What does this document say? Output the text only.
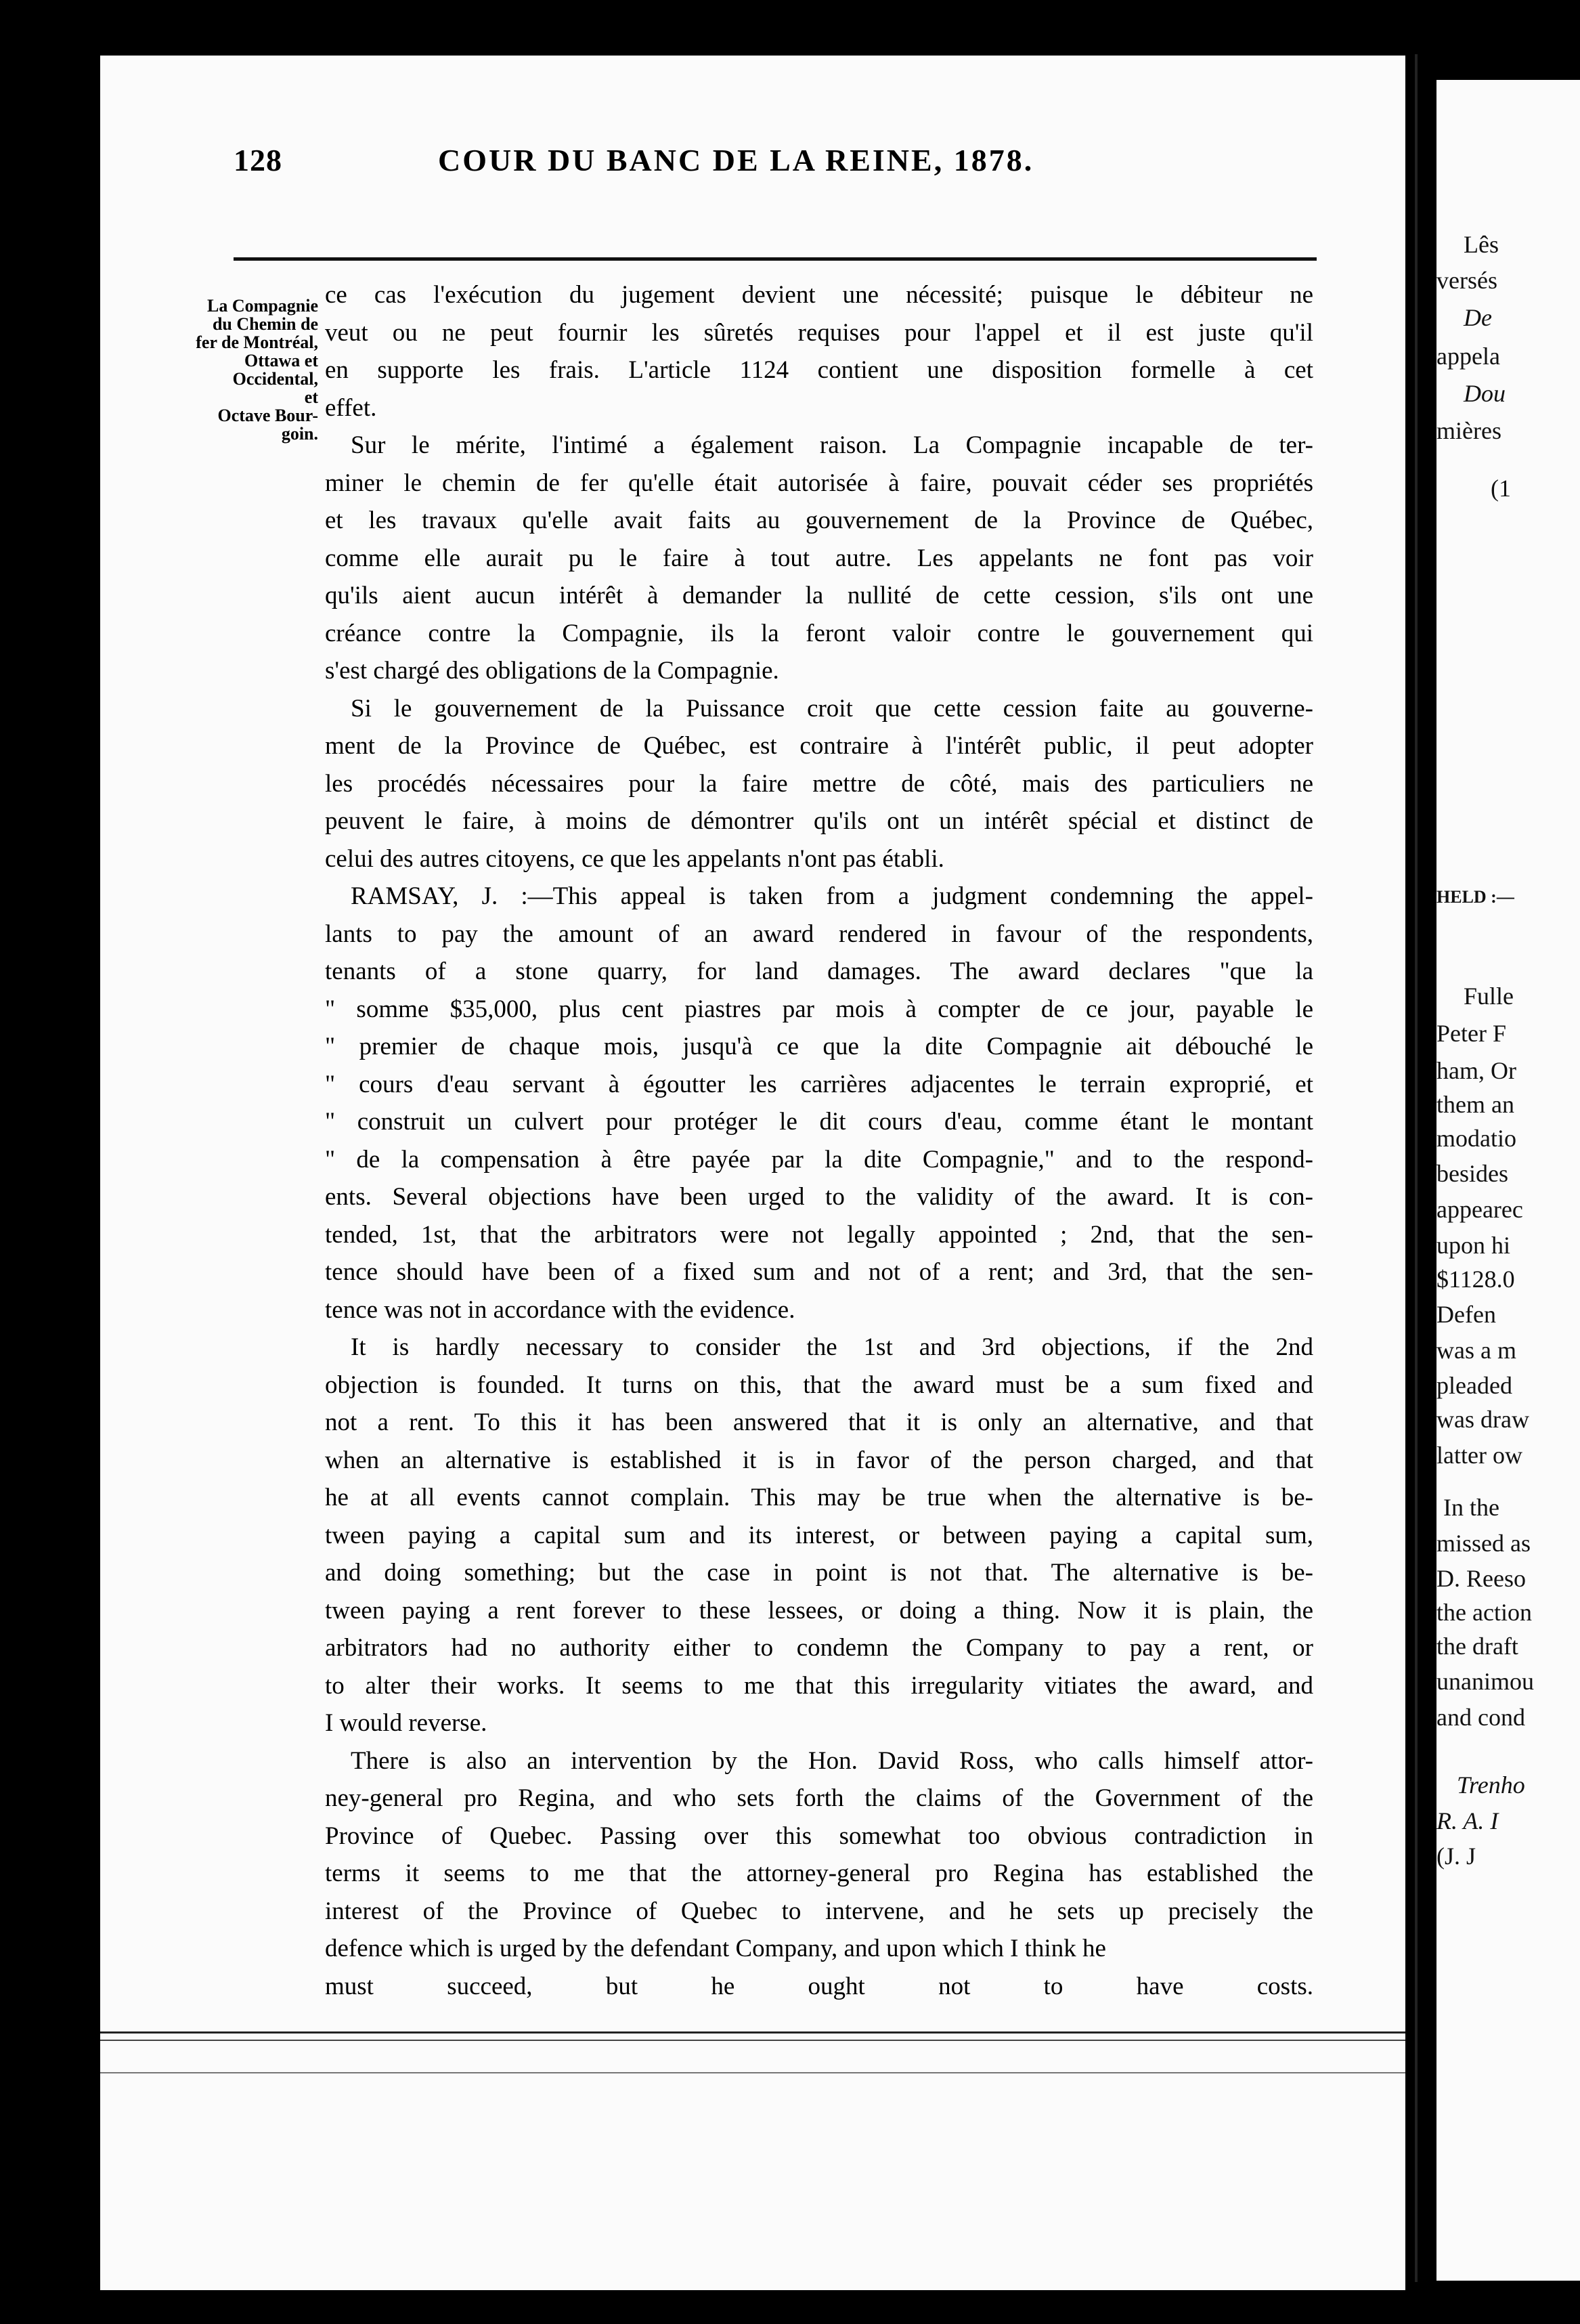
128	COUR DU BANC DE LA REINE, 1878.
La Compagnie
du Chemin de
fer de Montréal,
Ottawa et
Occidental,
et
Octave Bour-
goin.
ce cas l'exécution du jugement devient une nécessité; puisque le débiteur ne
veut ou ne peut fournir les sûretés requises pour l'appel et il est juste qu'il
en supporte les frais. L'article 1124 contient une disposition formelle à cet
effet.
Sur le mérite, l'intimé a également raison. La Compagnie incapable de ter-
miner le chemin de fer qu'elle était autorisée à faire, pouvait céder ses propriétés
et les travaux qu'elle avait faits au gouvernement de la Province de Québec,
comme elle aurait pu le faire à tout autre. Les appelants ne font pas voir
qu'ils aient aucun intérêt à demander la nullité de cette cession, s'ils ont une
créance contre la Compagnie, ils la feront valoir contre le gouvernement qui
s'est chargé des obligations de la Compagnie.
Si le gouvernement de la Puissance croit que cette cession faite au gouverne-
ment de la Province de Québec, est contraire à l'intérêt public, il peut adopter
les procédés nécessaires pour la faire mettre de côté, mais des particuliers ne
peuvent le faire, à moins de démontrer qu'ils ont un intérêt spécial et distinct de
celui des autres citoyens, ce que les appelants n'ont pas établi.
RAMSAY, J. :—This appeal is taken from a judgment condemning the appel-
lants to pay the amount of an award rendered in favour of the respondents,
tenants of a stone quarry, for land damages. The award declares "que la
" somme $35,000, plus cent piastres par mois à compter de ce jour, payable le
" premier de chaque mois, jusqu'à ce que la dite Compagnie ait débouché le
" cours d'eau servant à égoutter les carrières adjacentes le terrain exproprié, et
" construit un culvert pour protéger le dit cours d'eau, comme étant le montant
" de la compensation à être payée par la dite Compagnie," and to the respond-
ents. Several objections have been urged to the validity of the award. It is con-
tended, 1st, that the arbitrators were not legally appointed ; 2nd, that the sen-
tence should have been of a fixed sum and not of a rent; and 3rd, that the sen-
tence was not in accordance with the evidence.
It is hardly necessary to consider the 1st and 3rd objections, if the 2nd
objection is founded. It turns on this, that the award must be a sum fixed and
not a rent. To this it has been answered that it is only an alternative, and that
when an alternative is established it is in favor of the person charged, and that
he at all events cannot complain. This may be true when the alternative is be-
tween paying a capital sum and its interest, or between paying a capital sum,
and doing something; but the case in point is not that. The alternative is be-
tween paying a rent forever to these lessees, or doing a thing. Now it is plain, the
arbitrators had no authority either to condemn the Company to pay a rent, or
to alter their works. It seems to me that this irregularity vitiates the award, and
I would reverse.
There is also an intervention by the Hon. David Ross, who calls himself attor-
ney-general pro Regina, and who sets forth the claims of the Government of the
Province of Quebec. Passing over this somewhat too obvious contradiction in
terms it seems to me that the attorney-general pro Regina has established the
interest of the Province of Quebec to intervene, and he sets up precisely the
defence which is urged by the defendant Company, and upon which I think he
must succeed, but he ought not to have costs.
Lês
versés
De
appela
Dou
mières
(1
HELD :—
Fulle
Peter F
ham, Or
them an
modatio
besides
appearec
upon hi
$1128.0
Defen
was a m
pleaded
was draw
latter ow
In the
missed as
D. Reeso
the action
the draft
unanimou
and cond
Trenho
R. A. I
(J. J
